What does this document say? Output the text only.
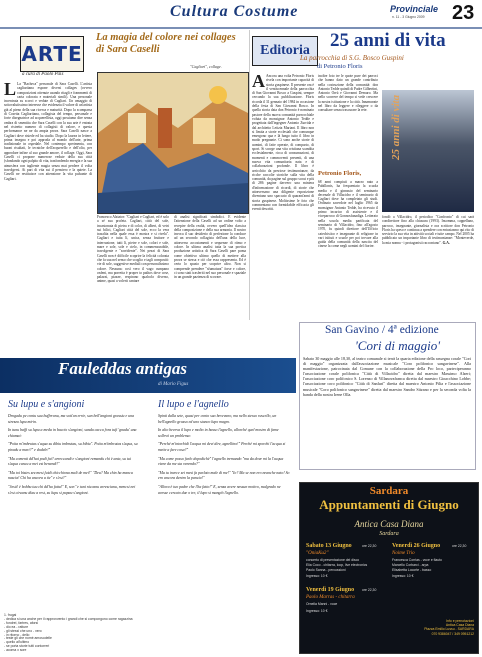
Cultura Costume	Provinciale
n. 11 - 3 Giugno 2009 23
ARTE
a cura di Paolo Pais
La magia del colore nei collages di Sara Caselli
"Cagliari", collage.
L La "Bacheca" personale di Sara Caselli. L'artista cagliaritana espone diversi collages (ovvero composizioni ottenute usando ritagli e frammenti di carta colorata e materiali simili). Una personale incentrata su scorci e vedute di Cagliari. Un omaggio di sottovalutissimo interesse che evidenzia il valore di un'artista già al pieno della sua ricerca e maturità. Dopo la scomparsa di Cosetta Cagliaritana, collagista del tempo, personale e forte disegnatrice ad acquerellista, oggi possiamo dire senza ombra di smentita che Sara Caselli con la sua arte è entrata nel ristretto numero di collagisti di valore, e questa performance ne ne da ampia prova. Sara Caselli nasce a Cagliari dove risiede ed ha studio. Dopo la laurea in lettere, prima insegna e poi approda al mondo dell'arte, prima tradizionale in ospedale. Nel contempo sperimenta, con buoni risultati, le tecniche dell'acquerello e dell'olio, per approdare infine al suo grande amore, il collage. Oggi, Sara Caselli ci propone numerose vedute della sua città (sfondando ogni palpito di vita, trasfondendo energia e la sua atmosfera con tagliente magia senza mai perdere il volta travolgersi. Ai part di vita sui il pensiero e la quiete. La Caselli ne restituisce con attenzione la vita pulsante di Cagliari.
Francesco Alziator: "Cagliari e Cagliari, ed è solo a sé sua profeta. Cagliari, città del sole, incastonata di pietra e di color, di alberi, di vetri sui bilici, Cagliari città del sole, ecco la vera trasaltia nella quale essa è mostra e si rivela". Cagliari e tutta lì, unica, senza fruttare e interruzione, tutti lì, pietre e sole, colori e sole, mare e sole, sole e cielo, in commensurabile, travolgente e "sorridente". Nei pezzi di Sara Caselli non è difficile scoprire la felicità colorata che fa sua nel senso che scoglio e tagli compositi: vie di sole, suggestive mediali con personalissimo colore. Nessuna: così vero il vago cumpano onfeni, ma porretta è proper to pathos dove cose, palazzi, piazze, respirano qualcolo diverso, anime, quasi a volerti cantare
di analisi significati simbolici. È evidente l'attenzione della Caselli ad un ordine volto a recepire della realtà, ovvero quell'idea classica della composizione e della sua armonia. Il nostro invoca il suo desiderio di perfezione la conduce ad un secondo collagista dell'una della luce, attraverso accostamenti e sequenze di ritmo e colore. In ultima analisi tutta la sua poetica produzione artistica di Sara Caselli pare poma come obiettivo ultimo quello di mettere alla prova se stessa e ciò che essa rappresenta. Ed è certo lo spazio per scoprire altro. Non si comprende prendere "sfumatura" forse e colore, ci sono stati trasferiti nel suo personale e spaziale in un grande pazienza di scovare.
Editoria 25 anni di vita
La parrocchia di S.G. Bosco Guspini
di Petronio Floris
A Ancora una volta Petronio Floris rivela con importante capacità di storia guspinese. Il presente ora è il ventiscennale della parrocchia di San Giovanni Bosco a Guspini, sempre cercando la sua pubblicazione. Floris ricorda il 31 gennaio del 1984 in occasione della festa di San Giovanni Bosco. In quella storia data don Petronio è nominato pastore della nuova comunità parrocchiale voluta da monsignor Antonio Tedde e progettata dall'ingegner Antonio Zurrida e dal architetto Letizia Mariani. Il libro non si limita a storie ecclesiali che comunque emergono qua e là lungo tutto il libro in modo pregnante. Ci sono anche storie di uomini, di fatte operate, di comparto, di sport. Si scorge una vita cristiana scandita ecclesialmente, ricca di consumazioni, di momenti e commoventi presenti, di una nuova vita comunitaria nata e di collaborazioni profonde. Il libro è arricchito da preziose testimonianze, da ricche raccolte storiche sulla vita della comunità, da pagine sul gruppo scout e più di 286 pagine davvero una miniera d'informazione di ricordi, di storie che attraversano una diligente esposizione diventano uno spaccato di quarant'anni di storia guspinese. Moltissime le foto che commentano con formidabile efficacia gli eventi descritti.
inoltre foto tre le quote pure dei parroci che hanno dato un grande contributo nella costruzione della comunità: don Antonio Tedde quindi di Padre Gilbertini, Antonio Orrù e Giovanni Demuro. Ma nello scorrere del tempo si vede crescere la nostra istituzione e la città. Innamorate nel libro da leggere e rileggere o da consultare senza trascurare la rete.
Petronio Floris,
68 anni compiuti a marzo nato a Pabillonis, ha frequentato la scuola media e il ginnasio del seminario decenale di Villacidro e il seminario di Cagliari dove ha completato gli studi. Ordinato sacerdote nel luglio 1965 da monsignor Antonio Tedde, ha ricevuto il primo incarico di assistente e il viceparroco di Gonnosfanadiga. Letterato nella scuola media parificata del seminario di Villacidro, fino all'agosto 1970, fu quindi direttore dell'Ufficio catechistico e insegnante di religione in vari istituti e scuole per poi trovare alla guida della comunità della nascita del cinese la come negli uomini del fiorire.
25 anni di vita
fondò a Villacidro, il periodico "Confronto" di cui sarà condirettore fino alla chiusura (1993). Insomma, cappellano, parroco, insegnante, giornalista e ora scrittore don Petronio Floris ha speso e continua a spendere con entusiasmo qui rito di servizio la sua vita in attività sociali e tutte campo. Nel 2005 ha pubblicato un importante libro di testimonianze: "Monteverde, la mia nonna - i protagonisti raccontano". G.A.
San Gavino / 4ª edizione
'Cori di maggio'
Sabato 30 maggio alle 18,30, al teatro comunale si terrà la quarta edizione della rassegna corale "Cori di maggio" organizzata dall'associazione musicale "Coro polifonico sangavinese". Alla manifestazione, patrocinata dal Comune con la collaborazione della Pro loco, parteciperanno l'associazione corale polifonica "Città di Villacidro" diretta dal maestro Massimo Alzeri; l'associazione coro polifonico S. Lorenzo di Villanovafranca diretta dal maestro Gioacchino Lobbe; l'associazione coro polifonico "Città di Sanluri" diretta dal maestro Antonio Pilia e l'associazione musicale "Coro polifonico sangavinese" diretta dal maestro Sandro Sitzano e per la seconda volta la banda della nostra Irene Olla.
Fauleddas antigas
di Mario Figus
Su lupu e s'angioni

Drogadu pe contu suu bufferanu, ma sott'an errie, sun bell'angioni grassiu e una strezza lupu mirin.

In tunu baffi su lupu a meda in baccio s'angioni, sanda cacca fora tufi 'gnadu' una chiamai:

"Poita m'imbrutas s'aqua su dibiu imbrutau, su bibiu". Poita m'imbrutas s'aqua, su piradu a mari?" e dodele!"

"Ma comenti dd'hai podi fai? arreccandi e s'angioni remandu chi è anta, su tui s'aqua cancu a mei est benendi!"

"Ma toi bistes sez mesi fuidi chicchiona mali de mei!" "Deu? Ma chin ha manca nascia! Chi ha ancora a tie" e s'est?"

"Jnsà! è bobbu tuu chi dd'ha fattu!" E, son' 'e tuni niccanu arrescianu, mencsi nei s'est circanu diau a rest, su lupu si papau s'angioni.

Il lupo e l'agnello

Spinti dalla sete, quasi per conto suo bevevano, ma nello stesso ruscello, un bell'agnello grasso ed uno stanco lupo magro.

In alto beveva il lupo e molto in basso l'agnello, allorché quel mostro di fame sollevò un problema:

"Perché m'intorbidi l'acqua mi devi dire, agnellino!" Perché mi sporchi l'acqua si mette a fare cosa?"

"Ma come posso farlo dopodichè" l'agnello tremando "ma da dove mi la l'acqua viene da me sta venendo?"

"Ma tu invece sei mesi fa parlato male di me!" "Io? Ma se non ero neanche nato! So ero ancora dentro la pancia!"

"Allora è tuo padre che l'ha fatto!" E, senza avere nessun motivo, malgrado ne avesse cercato due o tre, il lupo si mangiò l'agnello.

1. frugai
- dedica si una anche per il rapprovvento i grandi che si compongono come ragazzina
- fondrei, fartres, aforsi
- dio ea - ratture
- gli stessi che uno - vero
- in ritorno - dello
- teste gli che nomè amosodelle
- quello all'ultimo
- se porta storie tutti contorreri
- acoma x sore
Sardara
Appuntamenti di Giugno
Antica Casa Diana
Sardara
Sabato 13 Giugno	ore 22,30
"OniaKu2"
concerto di presentazione del disco
Elia Coco - chitarra, loop, live electronics
Paolo Sanna - percussioni
Ingresso: 10 €
Venerdì 26 Giugno	ore 22,30
Noime Trio
Francesca Corrias - voce e flauto
Marcello Corbarci - arpa
Elisabetta Locorte - basso
Ingresso: 10 €
Venerdì 19 Giugno ore 22,30
Paolo Marras - chitarra
Ornella Manni - voce
Ingresso: 10 €
Info e prenotazioni
Antica Casa Diana
Piazza Emilio Lussu - SARDARA
070 9386047 / 349 0951212
